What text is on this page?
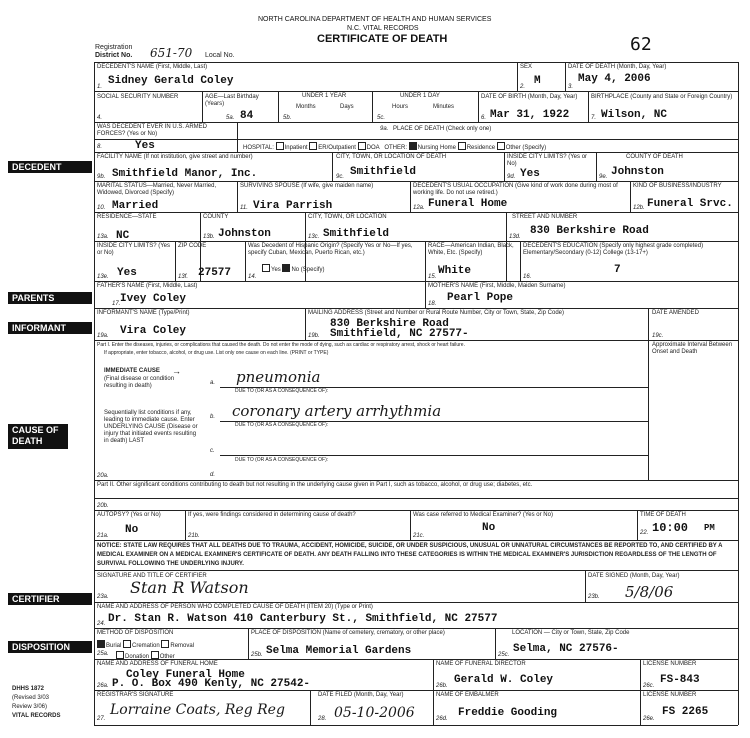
NORTH CAROLINA DEPARTMENT OF HEALTH AND HUMAN SERVICES
N.C. VITAL RECORDS
CERTIFICATE OF DEATH	62
Registration
District No. 651-70 Local No.
DECEDENT
PARENTS
INFORMANT
CAUSE OF DEATH
CERTIFIER
DISPOSITION
DECEDENT'S NAME (First, Middle, Last)
1. Sidney Gerald Coley
SEX
2. M
DATE OF DEATH (Month, Day, Year)
3.
May 4, 2006
SOCIAL SECURITY NUMBER
4.
AGE—Last Birthday (Years)
5a. 84
UNDER 1 YEAR
Months	Days
5b.
UNDER 1 DAY
Hours	Minutes
5c.
DATE OF BIRTH (Month, Day, Year)
6. Mar 31, 1922
BIRTHPLACE (County and State or Foreign Country)
7. Wilson, NC
WAS DECEDENT EVER IN U.S. ARMED FORCES? (Yes or No)
8.	Yes
9a. PLACE OF DEATH (Check only one)
HOSPITAL: Inpatient ER/Outpatient DOA OTHER: Nursing Home Residence Other (Specify)
FACILITY NAME (If not institution, give street and number)
9b. Smithfield Manor, Inc.
CITY, TOWN, OR LOCATION OF DEATH
9c. Smithfield
INSIDE CITY LIMITS? (Yes or No)
9d. Yes
COUNTY OF DEATH
9e. Johnston
MARITAL STATUS—Married, Never Married, Widowed, Divorced (Specify)
10. Married
SURVIVING SPOUSE (If wife, give maiden name)
11. Vira Parrish
DECEDENT'S USUAL OCCUPATION (Give kind of work done during most of working life. Do not use retired.)
12a. Funeral Home
KIND OF BUSINESS/INDUSTRY
12b. Funeral Srvc.
RESIDENCE—STATE
13a. NC
COUNTY
13b. Johnston
CITY, TOWN, OR LOCATION
13c. Smithfield
STREET AND NUMBER
13d. 830 Berkshire Road
INSIDE CITY LIMITS? (Yes or No)
13e. Yes
ZIP CODE
13f. 27577
Was Decedent of Hispanic Origin? (Specify Yes or No—If yes, specify Cuban, Mexican, Puerto Rican, etc.)
Yes No (Specify)
14.
RACE—American Indian, Black, White, Etc. (Specify)
15. White
DECEDENT'S EDUCATION (Specify only highest grade completed) Elementary/Secondary (0-12) College (13-17+)
16.
7
FATHER'S NAME (First, Middle, Last)
17. Ivey Coley
MOTHER'S NAME (First, Middle, Maiden Surname)
18. Pearl Pope
INFORMANT'S NAME (Type/Print)
19a. Vira Coley
MAILING ADDRESS (Street and Number or Rural Route Number, City or Town, State, Zip Code)
830 Berkshire Road
19b. Smithfield, NC 27577-
DATE AMENDED
19c.
Part I. Enter the diseases, injuries, or complications that caused the death. Do not enter the mode of dying, such as cardiac or respiratory arrest, shock or heart failure.
If appropriate, enter tobacco, alcohol, or drug use. List only one cause on each line. (PRINT or TYPE)
Approximate Interval Between Onset and Death
IMMEDIATE CAUSE →
(Final disease or condition resulting in death)	a. pneumonia
DUE TO (OR AS A CONSEQUENCE OF):
Sequentially list conditions if any, leading to immediate cause. Enter UNDERLYING CAUSE (Disease or injury that initiated events resulting in death) LAST
b. coronary artery arrhythmia
DUE TO (OR AS A CONSEQUENCE OF):
c.
DUE TO (OR AS A CONSEQUENCE OF):
d.
20a.
Part II. Other significant conditions contributing to death but not resulting in the underlying cause given in Part I, such as tobacco, alcohol, or drug use; diabetes, etc.
20b.
AUTOPSY? (Yes or No)
21a. No
If yes, were findings considered in determining cause of death?
21b.
Was case referred to Medical Examiner? (Yes or No)
21c.
No
TIME OF DEATH
22. 10:00 PM
NOTICE: STATE LAW REQUIRES THAT ALL DEATHS DUE TO TRAUMA, ACCIDENT, HOMICIDE, SUICIDE, OR UNDER SUSPICIOUS, UNUSUAL OR UNNATURAL CIRCUMSTANCES BE REPORTED TO, AND CERTIFIED BY A MEDICAL EXAMINER ON A MEDICAL EXAMINER'S CERTIFICATE OF DEATH. ANY DEATH FALLING INTO THESE CATEGORIES IS WITHIN THE MEDICAL EXAMINER'S JURISDICTION REGARDLESS OF THE LENGTH OF SURVIVAL FOLLOWING THE UNDERLYING INJURY.
SIGNATURE AND TITLE OF CERTIFIER
Stan R Watson
23a.
DATE SIGNED (Month, Day, Year)
23b. 5/8/06
NAME AND ADDRESS OF PERSON WHO COMPLETED CAUSE OF DEATH (ITEM 20) (Type or Print)
24. Dr. Stan R. Watson 410 Canterbury St., Smithfield, NC 27577
METHOD OF DISPOSITION
Burial Cremation Removal
Donation Other
25a.
PLACE OF DISPOSITION (Name of cemetery, crematory, or other place)
25b. Selma Memorial Gardens
LOCATION — City or Town, State, Zip Code
25c. Selma, NC 27576-
NAME AND ADDRESS OF FUNERAL HOME
Coley Funeral Home
26a. P. O. Box 490 Kenly, NC 27542-
NAME OF FUNERAL DIRECTOR
26b. Gerald W. Coley
LICENSE NUMBER
26c. FS-843
REGISTRAR'S SIGNATURE
27.
Lorraine Coats, Reg Reg
DATE FILED (Month, Day, Year)
28. 05-10-2006
NAME OF EMBALMER
26d. Freddie Gooding
LICENSE NUMBER
26e.
FS 2265
DHHS 1872
(Revised 3/03
Review 3/06)
VITAL RECORDS
